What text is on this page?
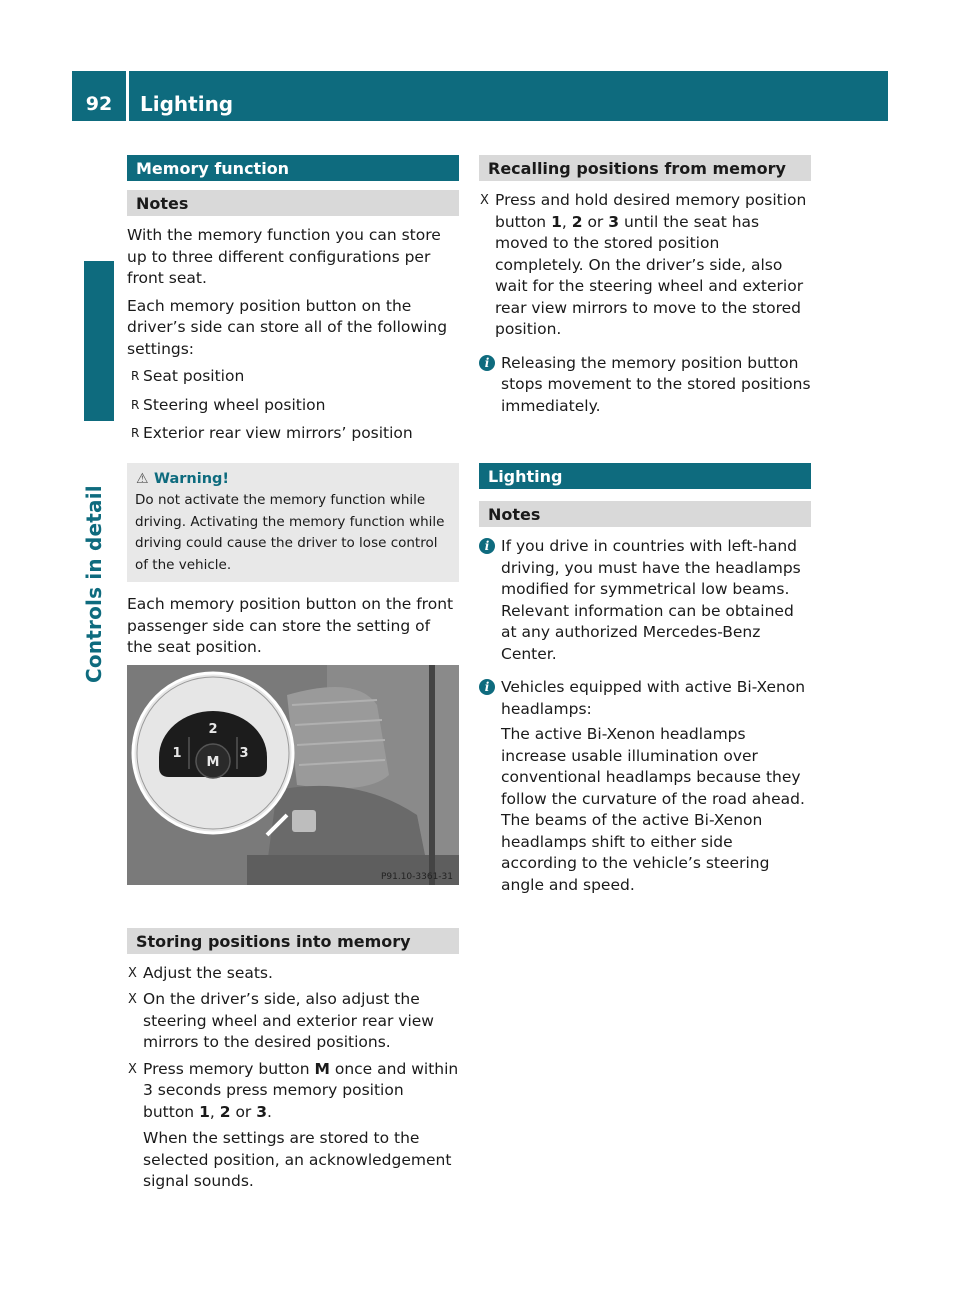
92	Lighting
Controls in detail
Memory function
Notes

With the memory function you can store up to three different configurations per front seat.

Each memory position button on the driver’s side can store all of the following settings:

R Seat position
R Steering wheel position
R Exterior rear view mirrors’ position
⚠ Warning!
Do not activate the memory function while driving. Activating the memory function while driving could cause the driver to lose control of the vehicle.

Each memory position button on the front passenger side can store the setting of the seat position.

1
2
3
M
P91.10-3361-31
Storing positions into memory
X Adjust the seats.
X On the driver’s side, also adjust the steering wheel and exterior rear view mirrors to the desired positions.
X Press memory button M once and within 3 seconds press memory position button 1, 2 or 3.

When the settings are stored to the selected position, an acknowledgement signal sounds.

Recalling positions from memory
X Press and hold desired memory position button 1, 2 or 3 until the seat has moved to the stored position completely. On the driver’s side, also wait for the steering wheel and exterior rear view mirrors to move to the stored position.
i Releasing the memory position button stops movement to the stored positions immediately.
Lighting
Notes
i If you drive in countries with left-hand driving, you must have the headlamps modified for symmetrical low beams. Relevant information can be obtained at any authorized Mercedes-Benz Center.
i Vehicles equipped with active Bi-Xenon headlamps:
The active Bi-Xenon headlamps increase usable illumination over conventional headlamps because they follow the curvature of the road ahead. The beams of the active Bi-Xenon headlamps shift to either side according to the vehicle’s steering angle and speed.
